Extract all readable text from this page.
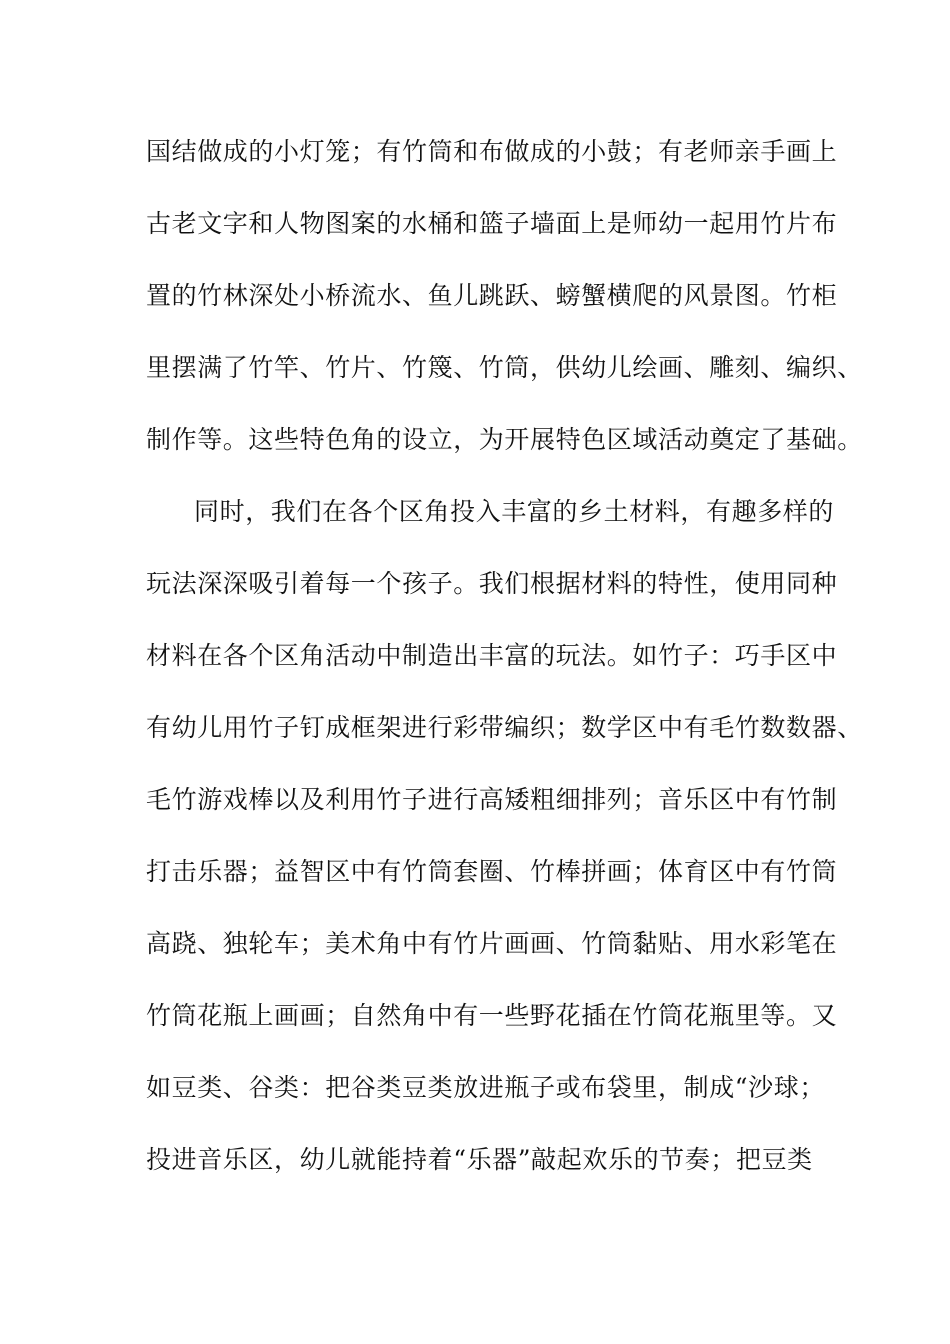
国结做成的小灯笼；有竹筒和布做成的小鼓；有老师亲手画上
古老文字和人物图案的水桶和篮子墙面上是师幼一起用竹片布
置的竹林深处小桥流水、鱼儿跳跃、螃蟹横爬的风景图。竹柜
里摆满了竹竿、竹片、竹篾、竹筒，供幼儿绘画、雕刻、编织、
制作等。这些特色角的设立，为开展特色区域活动奠定了基础。
同时，我们在各个区角投入丰富的乡土材料，有趣多样的
玩法深深吸引着每一个孩子。我们根据材料的特性，使用同种
材料在各个区角活动中制造出丰富的玩法。如竹子：巧手区中
有幼儿用竹子钉成框架进行彩带编织；数学区中有毛竹数数器、
毛竹游戏棒以及利用竹子进行高矮粗细排列；音乐区中有竹制
打击乐器；益智区中有竹筒套圈、竹棒拼画；体育区中有竹筒
高跷、独轮车；美术角中有竹片画画、竹筒黏贴、用水彩笔在
竹筒花瓶上画画；自然角中有一些野花插在竹筒花瓶里等。又
如豆类、谷类：把谷类豆类放进瓶子或布袋里，制成“沙球；
投进音乐区，幼儿就能持着“乐器”敲起欢乐的节奏；把豆类
